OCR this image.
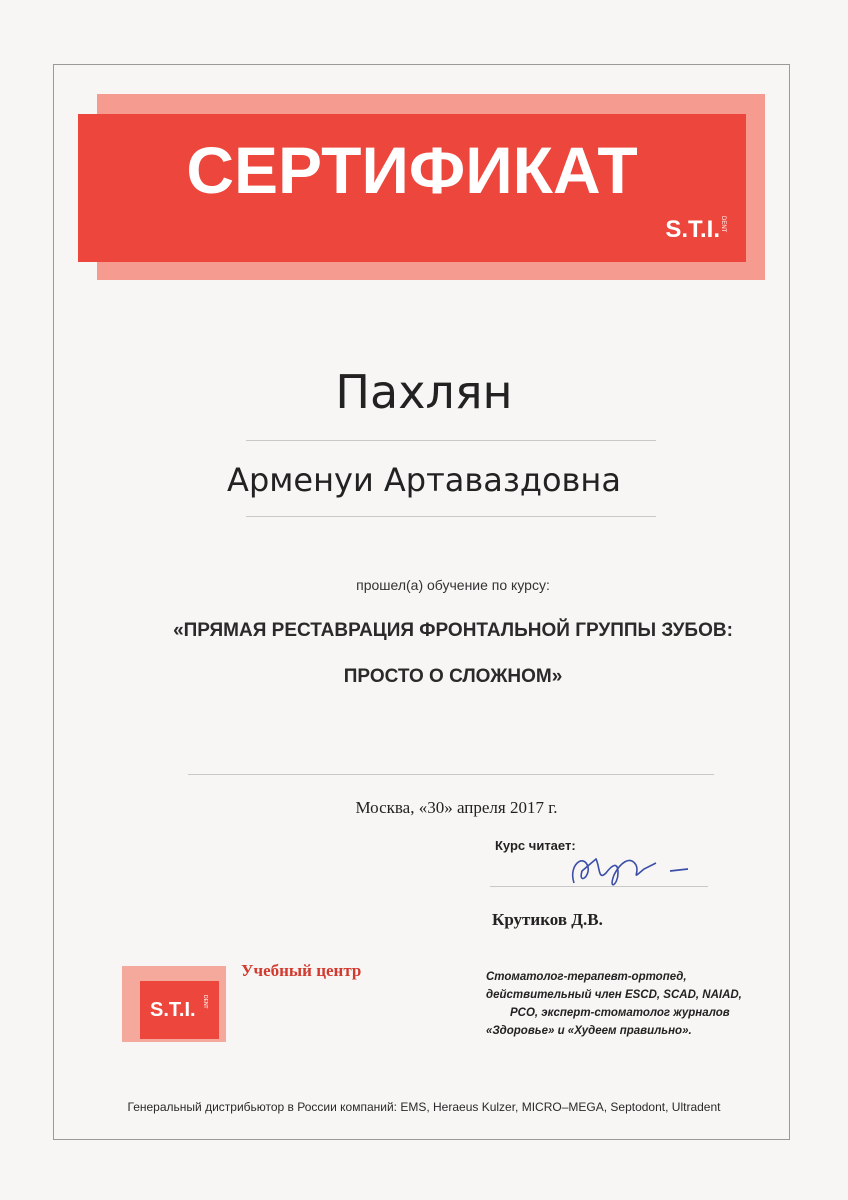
СЕРТИФИКАТ
S.T.I.DENT
Пахлян
Арменуи Артаваздовна
прошел(а) обучение по курсу:
«ПРЯМАЯ РЕСТАВРАЦИЯ ФРОНТАЛЬНОЙ ГРУППЫ ЗУБОВ:
ПРОСТО О СЛОЖНОМ»
Москва, «30» апреля 2017 г.
Курс читает:
Крутиков Д.В.
Стоматолог-терапевт-ортопед,
действительный член ESCD, SCAD, NAIAD,
PCO, эксперт-стоматолог журналов
«Здоровье» и «Худеем правильно».
S.T.I. DENT
Учебный центр
Генеральный дистрибьютор в России компаний: EMS, Heraeus Kulzer, MICRO–MEGA, Septodont, Ultradent
